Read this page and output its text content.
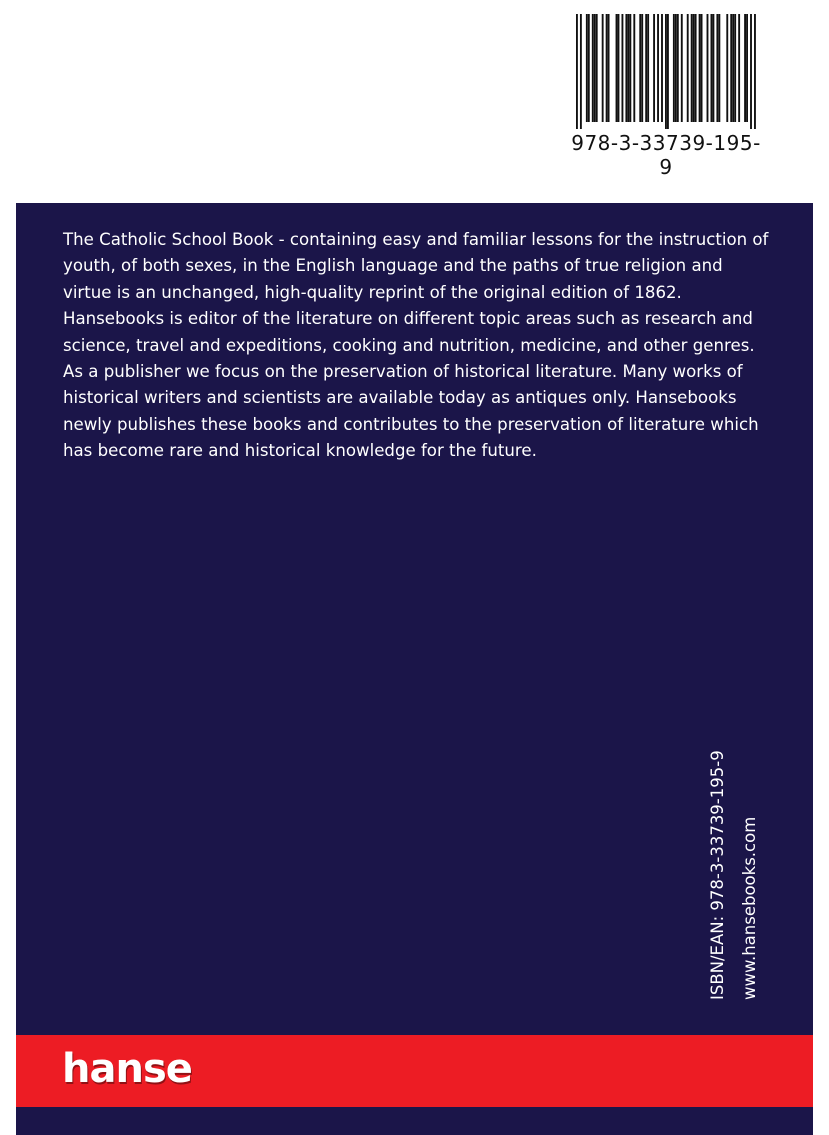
978-3-33739-195-9

The Catholic School Book - containing easy and familiar lessons for the instruction of youth, of both sexes, in the English language and the paths of true religion and virtue is an unchanged, high-quality reprint of the original edition of 1862.

Hansebooks is editor of the literature on different topic areas such as research and science, travel and expeditions, cooking and nutrition, medicine, and other genres. As a publisher we focus on the preservation of historical literature. Many works of historical writers and scientists are available today as antiques only. Hansebooks newly publishes these books and contributes to the preservation of literature which has become rare and historical knowledge for the future.

ISBN/EAN: 978-3-33739-195-9 www.hansebooks.com
hanse
